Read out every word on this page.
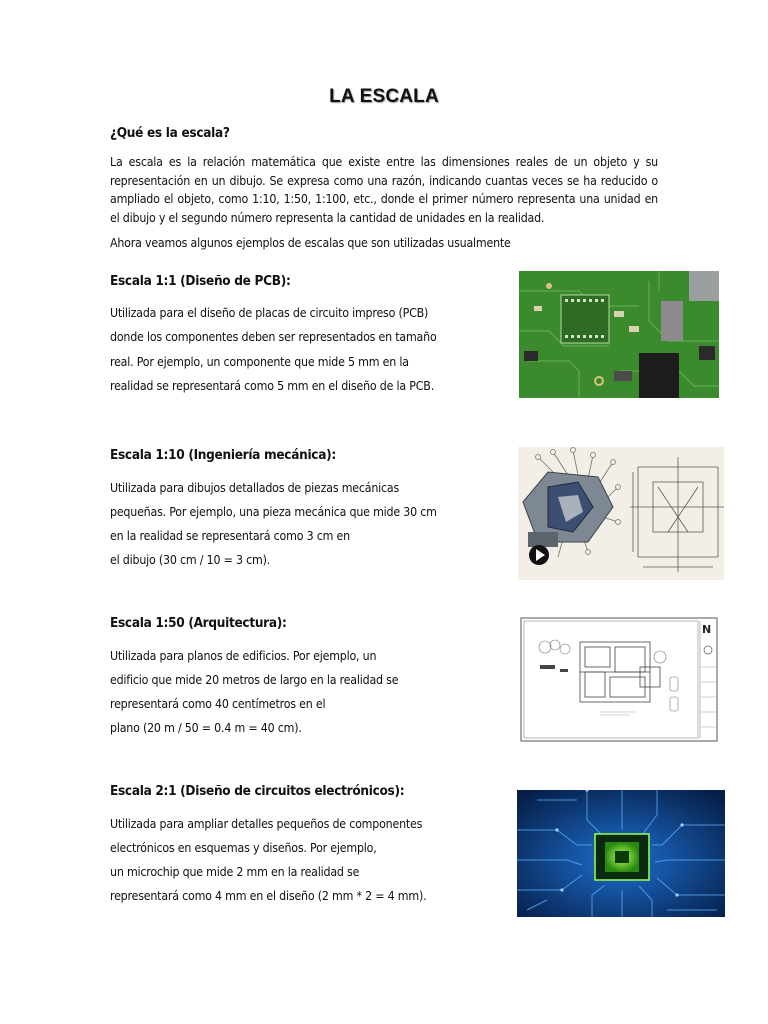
LA ESCALA
¿Qué es la escala?
La escala es la relación matemática que existe entre las dimensiones reales de un objeto y su representación en un dibujo. Se expresa como una razón, indicando cuantas veces se ha reducido o ampliado el objeto, como 1:10, 1:50, 1:100, etc., donde el primer número representa una unidad en el dibujo y el segundo número representa la cantidad de unidades en la realidad.
Ahora veamos algunos ejemplos de escalas que son utilizadas usualmente
Escala 1:1 (Diseño de PCB):
Utilizada para el diseño de placas de circuito impreso (PCB)
donde los componentes deben ser representados en tamaño
real. Por ejemplo, un componente que mide 5 mm en la
realidad se representará como 5 mm en el diseño de la PCB.
Escala 1:10 (Ingeniería mecánica):
Utilizada para dibujos detallados de piezas mecánicas
pequeñas. Por ejemplo, una pieza mecánica que mide 30 cm
en la realidad se representará como 3 cm en
el dibujo (30 cm / 10 = 3 cm).
Escala 1:50 (Arquitectura):
Utilizada para planos de edificios. Por ejemplo, un
edificio que mide 20 metros de largo en la realidad se
representará como 40 centímetros en el
plano (20 m / 50 = 0.4 m = 40 cm).
N
Escala 2:1 (Diseño de circuitos electrónicos):
Utilizada para ampliar detalles pequeños de componentes
electrónicos en esquemas y diseños. Por ejemplo,
un microchip que mide 2 mm en la realidad se
representará como 4 mm en el diseño (2 mm * 2 = 4 mm).
